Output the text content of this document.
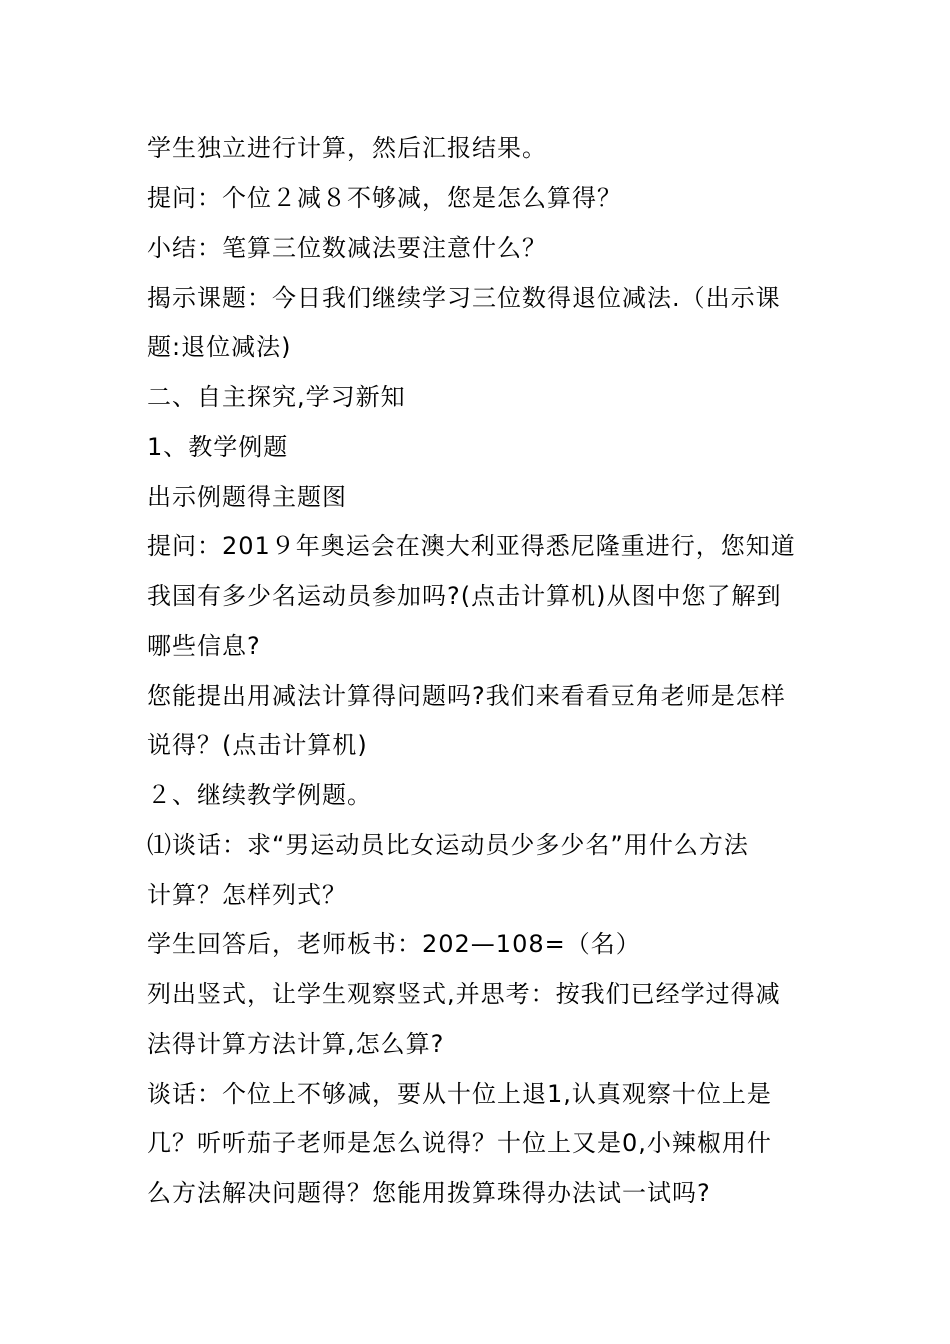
学生独立进行计算，然后汇报结果。
提问：个位２减８不够减，您是怎么算得？
小结：笔算三位数减法要注意什么？
揭示课题：今日我们继续学习三位数得退位减法.（出示课
题:退位减法)
二、自主探究,学习新知
1、教学例题
出示例题得主题图
提问：201９年奥运会在澳大利亚得悉尼隆重进行，您知道
我国有多少名运动员参加吗?(点击计算机)从图中您了解到
哪些信息?
您能提出用减法计算得问题吗?我们来看看豆角老师是怎样
说得？(点击计算机)
２、继续教学例题。
⑴谈话：求“男运动员比女运动员少多少名”用什么方法
计算？怎样列式？
学生回答后，老师板书：202—108=（名）
列出竖式，让学生观察竖式,并思考：按我们已经学过得减
法得计算方法计算,怎么算?
谈话：个位上不够减，要从十位上退1,认真观察十位上是
几？听听茄子老师是怎么说得？十位上又是0,小辣椒用什
么方法解决问题得？您能用拨算珠得办法试一试吗?
